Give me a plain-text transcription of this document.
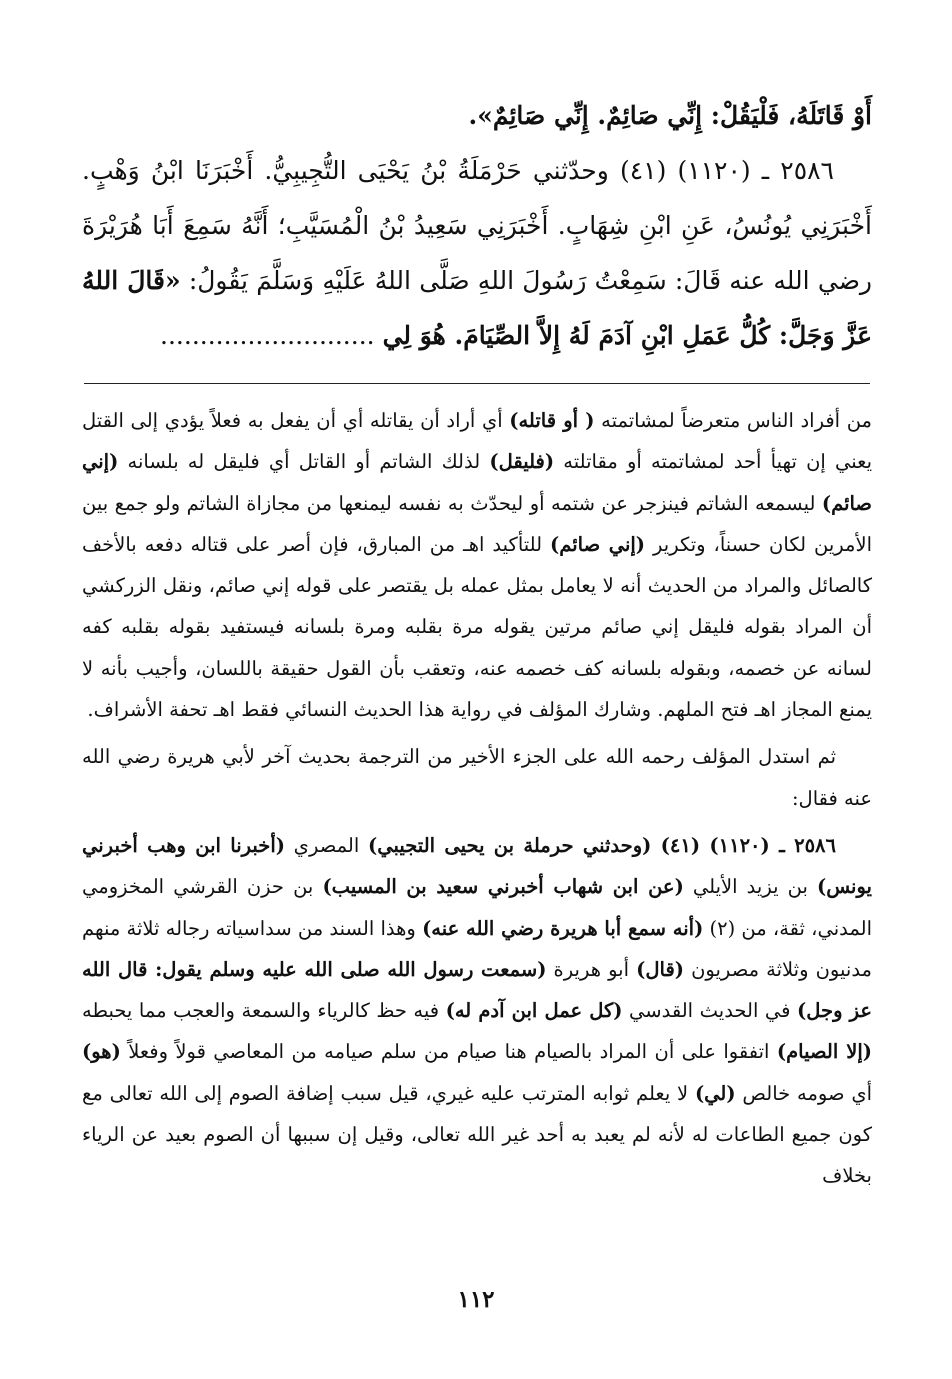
أَوْ قَاتَلَهُ، فَلْيَقُلْ: إِنِّي صَائِمٌ. إِنِّي صَائِمٌ».

٢٥٨٦ ـ (١١٢٠) (٤١) وحدّثني حَرْمَلَةُ بْنُ يَحْيَى التُّجِيبِيُّ. أَخْبَرَنَا ابْنُ وَهْبٍ. أَخْبَرَنِي يُونُسُ، عَنِ ابْنِ شِهَابٍ. أَخْبَرَنِي سَعِيدُ بْنُ الْمُسَيَّبِ؛ أَنَّهُ سَمِعَ أَبَا هُرَيْرَةَ رضي الله عنه قَالَ: سَمِعْتُ رَسُولَ اللهِ صَلَّى اللهُ عَلَيْهِ وَسَلَّمَ يَقُولُ: «قَالَ اللهُ عَزَّ وَجَلَّ: كُلُّ عَمَلِ ابْنِ آدَمَ لَهُ إِلاَّ الصِّيَامَ. هُوَ لِي ...........................

من أفراد الناس متعرضاً لمشاتمته ( أو قاتله) أي أراد أن يقاتله أي أن يفعل به فعلاً يؤدي إلى القتل يعني إن تهيأ أحد لمشاتمته أو مقاتلته (فليقل) لذلك الشاتم أو القاتل أي فليقل له بلسانه (إني صائم) ليسمعه الشاتم فينزجر عن شتمه أو ليحدّث به نفسه ليمنعها من مجازاة الشاتم ولو جمع بين الأمرين لكان حسناً، وتكرير (إني صائم) للتأكيد اهـ من المبارق، فإن أصر على قتاله دفعه بالأخف كالصائل والمراد من الحديث أنه لا يعامل بمثل عمله بل يقتصر على قوله إني صائم، ونقل الزركشي أن المراد بقوله فليقل إني صائم مرتين يقوله مرة بقلبه ومرة بلسانه فيستفيد بقوله بقلبه كفه لسانه عن خصمه، وبقوله بلسانه كف خصمه عنه، وتعقب بأن القول حقيقة باللسان، وأجيب بأنه لا يمنع المجاز اهـ فتح الملهم. وشارك المؤلف في رواية هذا الحديث النسائي فقط اهـ تحفة الأشراف.

ثم استدل المؤلف رحمه الله على الجزء الأخير من الترجمة بحديث آخر لأبي هريرة رضي الله عنه فقال:

٢٥٨٦ ـ (١١٢٠) (٤١) (وحدثني حرملة بن يحيى التجيبي) المصري (أخبرنا ابن وهب أخبرني يونس) بن يزيد الأيلي (عن ابن شهاب أخبرني سعيد بن المسيب) بن حزن القرشي المخزومي المدني، ثقة، من (٢) (أنه سمع أبا هريرة رضي الله عنه) وهذا السند من سداسياته رجاله ثلاثة منهم مدنيون وثلاثة مصريون (قال) أبو هريرة (سمعت رسول الله صلى الله عليه وسلم يقول: قال الله عز وجل) في الحديث القدسي (كل عمل ابن آدم له) فيه حظ كالرياء والسمعة والعجب مما يحبطه (إلا الصيام) اتفقوا على أن المراد بالصيام هنا صيام من سلم صيامه من المعاصي قولاً وفعلاً (هو) أي صومه خالص (لي) لا يعلم ثوابه المترتب عليه غيري، قيل سبب إضافة الصوم إلى الله تعالى مع كون جميع الطاعات له لأنه لم يعبد به أحد غير الله تعالى، وقيل إن سببها أن الصوم بعيد عن الرياء بخلاف

١١٢
